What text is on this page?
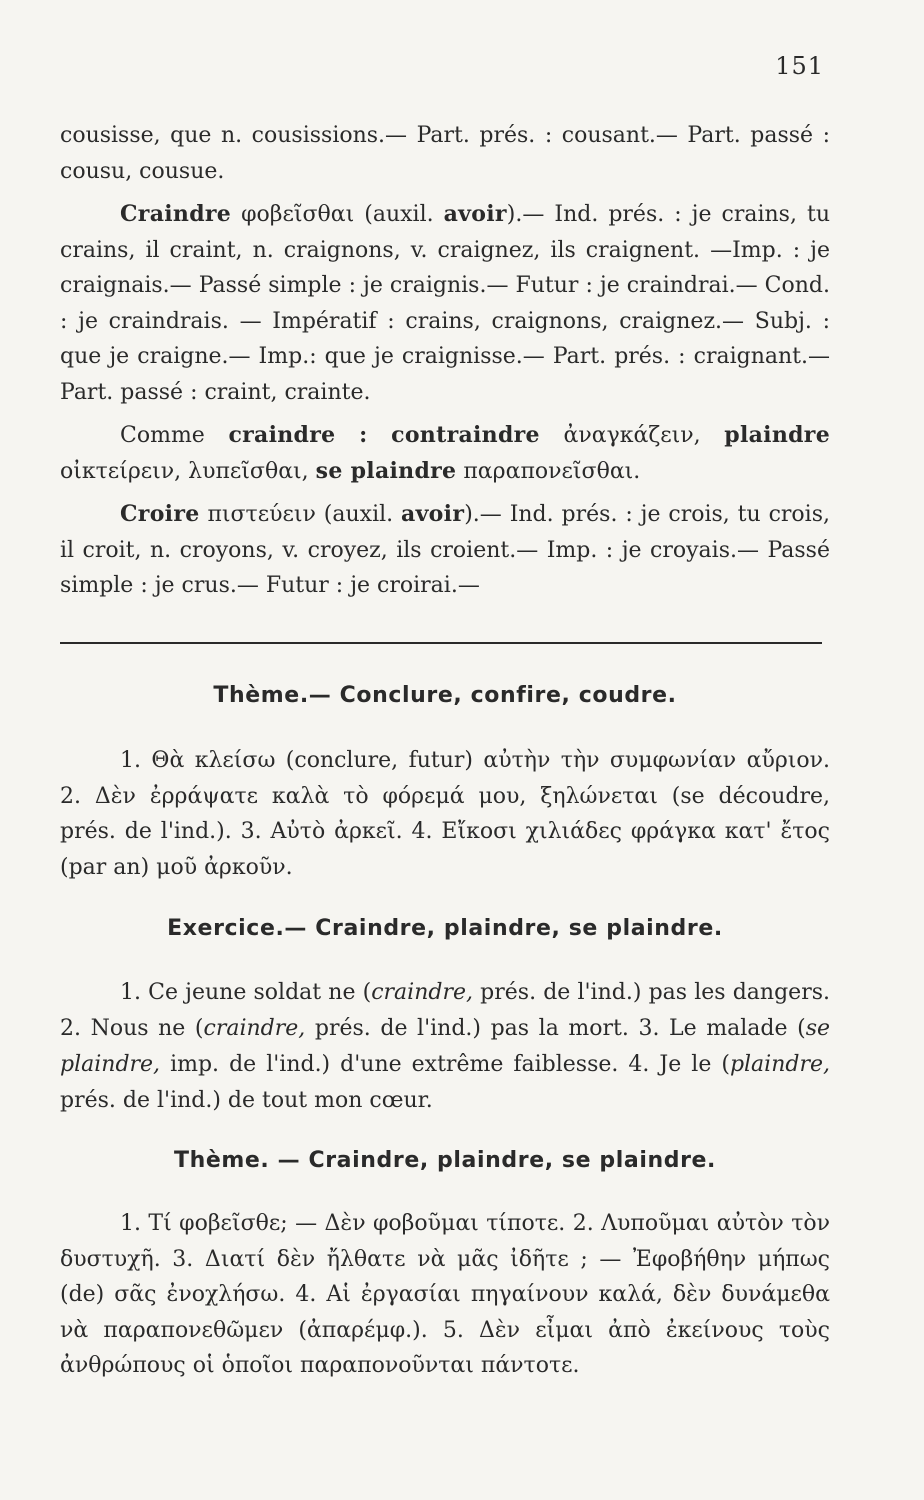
151

cousisse, que n. cousissions.— Part. prés. : cousant.— Part. passé : cousu, cousue.

Craindre φοβεῖσθαι (auxil. avoir).— Ind. prés. : je crains, tu crains, il craint, n. craignons, v. craignez, ils craignent. —Imp. : je craignais.— Passé simple : je craignis.— Futur : je craindrai.— Cond. : je craindrais. — Impératif : crains, craignons, craignez.— Subj. : que je craigne.— Imp.: que je craignisse.— Part. prés. : craignant.— Part. passé : craint, crainte.

Comme craindre : contraindre ἀναγκάζειν, plaindre οἰκτείρειν, λυπεῖσθαι, se plaindre παραπονεῖσθαι.

Croire πιστεύειν (auxil. avoir).— Ind. prés. : je crois, tu crois, il croit, n. croyons, v. croyez, ils croient.— Imp. : je croyais.— Passé simple : je crus.— Futur : je croirai.—

Thème.— Conclure, confire, coudre.

1. Θὰ κλείσω (conclure, futur) αὐτὴν τὴν συμφωνίαν αὔριον. 2. Δὲν ἐρράψατε καλὰ τὸ φόρεμά μου, ξηλώνεται (se découdre, prés. de l'ind.). 3. Αὐτὸ ἀρκεῖ. 4. Εἴκοσι χιλιάδες φράγκα κατ' ἔτος (par an) μοῦ ἀρκοῦν.

Exercice.— Craindre, plaindre, se plaindre.

1. Ce jeune soldat ne (craindre, prés. de l'ind.) pas les dangers. 2. Nous ne (craindre, prés. de l'ind.) pas la mort. 3. Le malade (se plaindre, imp. de l'ind.) d'une extrême faiblesse. 4. Je le (plaindre, prés. de l'ind.) de tout mon cœur.

Thème. — Craindre, plaindre, se plaindre.

1. Τί φοβεῖσθε; — Δὲν φοβοῦμαι τίποτε. 2. Λυποῦμαι αὐτὸν τὸν δυστυχῆ. 3. Διατί δὲν ἤλθατε νὰ μᾶς ἰδῆτε ; — Ἐφοβήθην μήπως (de) σᾶς ἐνοχλήσω. 4. Αἱ ἐργασίαι πηγαίνουν καλά, δὲν δυνάμεθα νὰ παραπονεθῶμεν (ἀπαρέμφ.). 5. Δὲν εἶμαι ἀπὸ ἐκείνους τοὺς ἀνθρώπους οἱ ὁποῖοι παραπονοῦνται πάντοτε.
